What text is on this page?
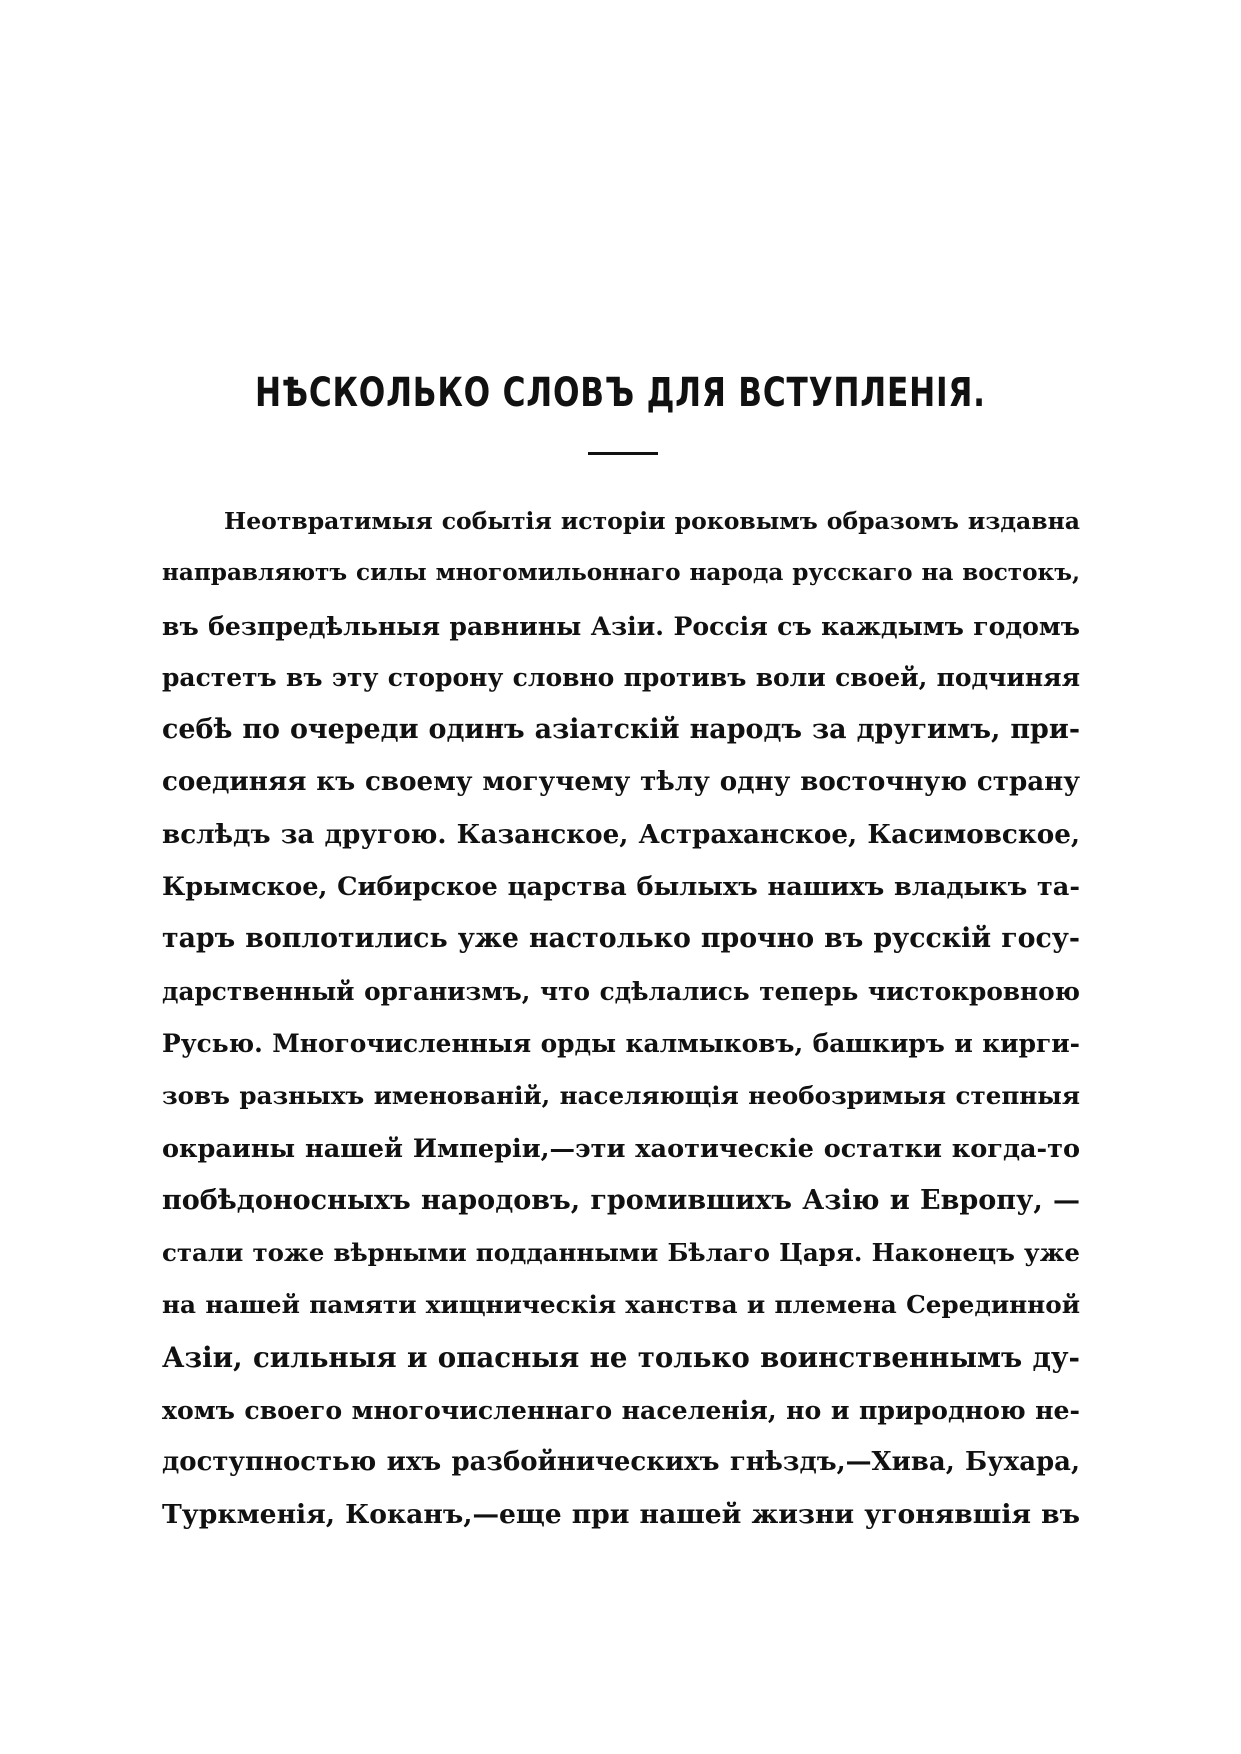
НѢСКОЛЬКО СЛОВЪ ДЛЯ ВСТУПЛЕНІЯ.
Неотвратимыя событія исторіи роковымъ образомъ издавна
направляютъ силы многомильоннаго народа русскаго на востокъ,
въ безпредѣльныя равнины Азіи. Россія съ каждымъ годомъ
растетъ въ эту сторону словно противъ воли своей, подчиняя
себѣ по очереди одинъ азіатскій народъ за другимъ, при-
соединяя къ своему могучему тѣлу одну восточную страну
вслѣдъ за другою. Казанское, Астраханское, Касимовское,
Крымское, Сибирское царства былыхъ нашихъ владыкъ та-
таръ воплотились уже настолько прочно въ русскій госу-
дарственный организмъ, что сдѣлались теперь чистокровною
Русью. Многочисленныя орды калмыковъ, башкиръ и кирги-
зовъ разныхъ именованій, населяющія необозримыя степныя
окраины нашей Имперіи,—эти хаотическіе остатки когда-то
побѣдоносныхъ народовъ, громившихъ Азію и Европу, —
стали тоже вѣрными подданными Бѣлаго Царя. Наконецъ уже
на нашей памяти хищническія ханства и племена Серединной
Азіи, сильныя и опасныя не только воинственнымъ ду-
хомъ своего многочисленнаго населенія, но и природною не-
доступностью ихъ разбойническихъ гнѣздъ,—Хива, Бухара,
Туркменія, Коканъ,—еще при нашей жизни угонявшія въ
